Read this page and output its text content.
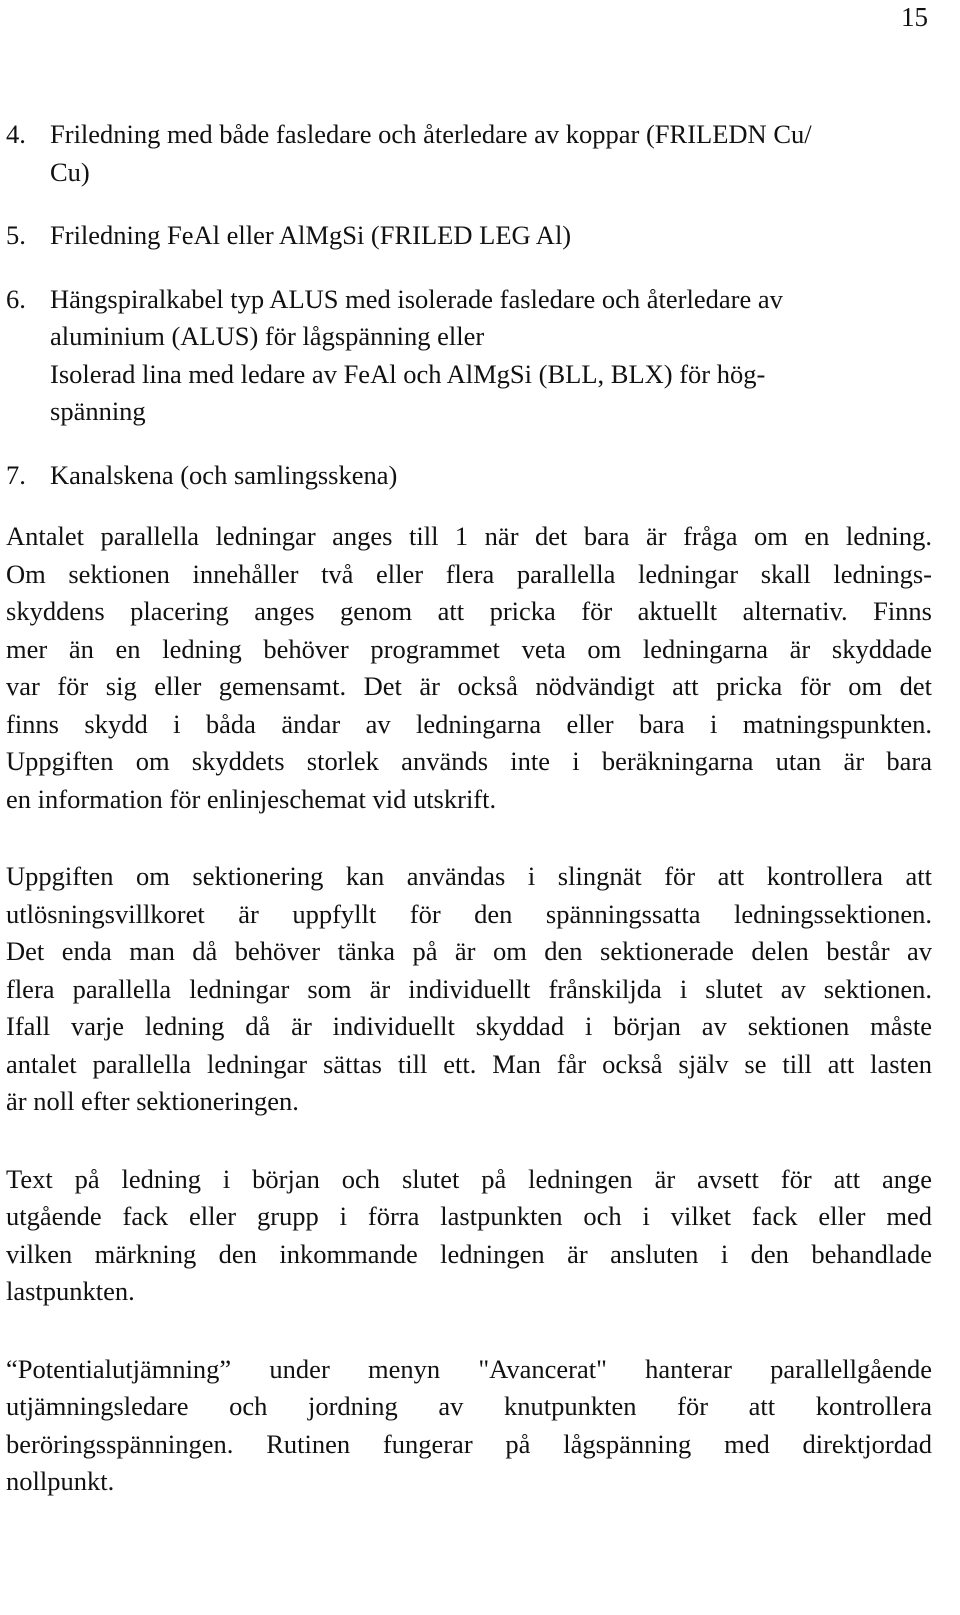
15
4. Friledning med både fasledare och återledare av koppar (FRILEDN Cu/
Cu)
5. Friledning FeAl eller AlMgSi (FRILED LEG Al)
6. Hängspiralkabel typ ALUS med isolerade fasledare och återledare av
aluminium (ALUS) för lågspänning eller
Isolerad lina med ledare av FeAl och AlMgSi (BLL, BLX) för hög-
spänning
7. Kanalskena (och samlingsskena)
Antalet parallella ledningar anges till 1 när det bara är fråga om en ledning.
Om sektionen innehåller två eller flera parallella ledningar skall lednings-
skyddens placering anges genom att pricka för aktuellt alternativ. Finns
mer än en ledning behöver programmet veta om ledningarna är skyddade
var för sig eller gemensamt. Det är också nödvändigt att pricka för om det
finns skydd i båda ändar av ledningarna eller bara i matningspunkten.
Uppgiften om skyddets storlek används inte i beräkningarna utan är bara
en information för enlinjeschemat vid utskrift.
Uppgiften om sektionering kan användas i slingnät för att kontrollera att
utlösningsvillkoret är uppfyllt för den spänningssatta ledningssektionen.
Det enda man då behöver tänka på är om den sektionerade delen består av
flera parallella ledningar som är individuellt frånskiljda i slutet av sektionen.
Ifall varje ledning då är individuellt skyddad i början av sektionen måste
antalet parallella ledningar sättas till ett. Man får också själv se till att lasten
är noll efter sektioneringen.
Text på ledning i början och slutet på ledningen är avsett för att ange
utgående fack eller grupp i förra lastpunkten och i vilket fack eller med
vilken märkning den inkommande ledningen är ansluten i den behandlade
lastpunkten.
“Potentialutjämning” under menyn "Avancerat" hanterar parallellgående
utjämningsledare och jordning av knutpunkten för att kontrollera
beröringsspänningen. Rutinen fungerar på lågspänning med direktjordad
nollpunkt.
